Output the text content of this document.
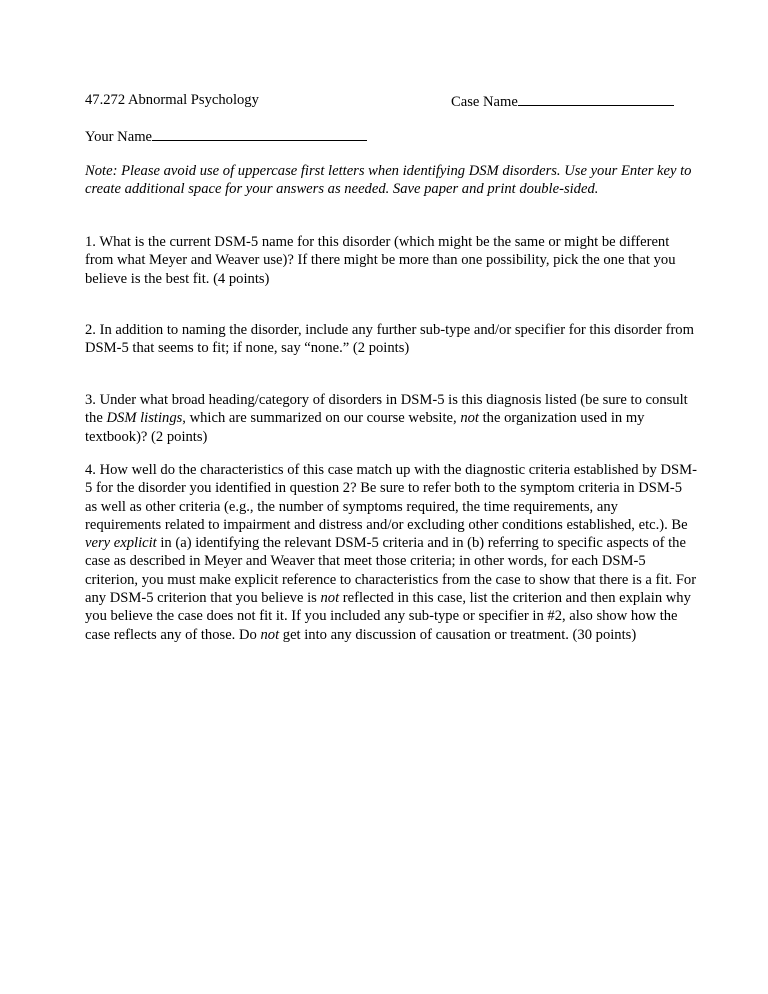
47.272 Abnormal Psychology	Case Name
Your Name

Note: Please avoid use of uppercase first letters when identifying DSM disorders. Use your Enter key to create additional space for your answers as needed. Save paper and print double-sided.

1. What is the current DSM-5 name for this disorder (which might be the same or might be different from what Meyer and Weaver use)? If there might be more than one possibility, pick the one that you believe is the best fit. (4 points)

2. In addition to naming the disorder, include any further sub-type and/or specifier for this disorder from DSM-5 that seems to fit; if none, say “none.” (2 points)

3. Under what broad heading/category of disorders in DSM-5 is this diagnosis listed (be sure to consult the DSM listings, which are summarized on our course website, not the organization used in my textbook)? (2 points)

4. How well do the characteristics of this case match up with the diagnostic criteria established by DSM-5 for the disorder you identified in question 2? Be sure to refer both to the symptom criteria in DSM-5 as well as other criteria (e.g., the number of symptoms required, the time requirements, any requirements related to impairment and distress and/or excluding other conditions established, etc.). Be very explicit in (a) identifying the relevant DSM-5 criteria and in (b) referring to specific aspects of the case as described in Meyer and Weaver that meet those criteria; in other words, for each DSM-5 criterion, you must make explicit reference to characteristics from the case to show that there is a fit. For any DSM-5 criterion that you believe is not reflected in this case, list the criterion and then explain why you believe the case does not fit it. If you included any sub-type or specifier in #2, also show how the case reflects any of those. Do not get into any discussion of causation or treatment. (30 points)
